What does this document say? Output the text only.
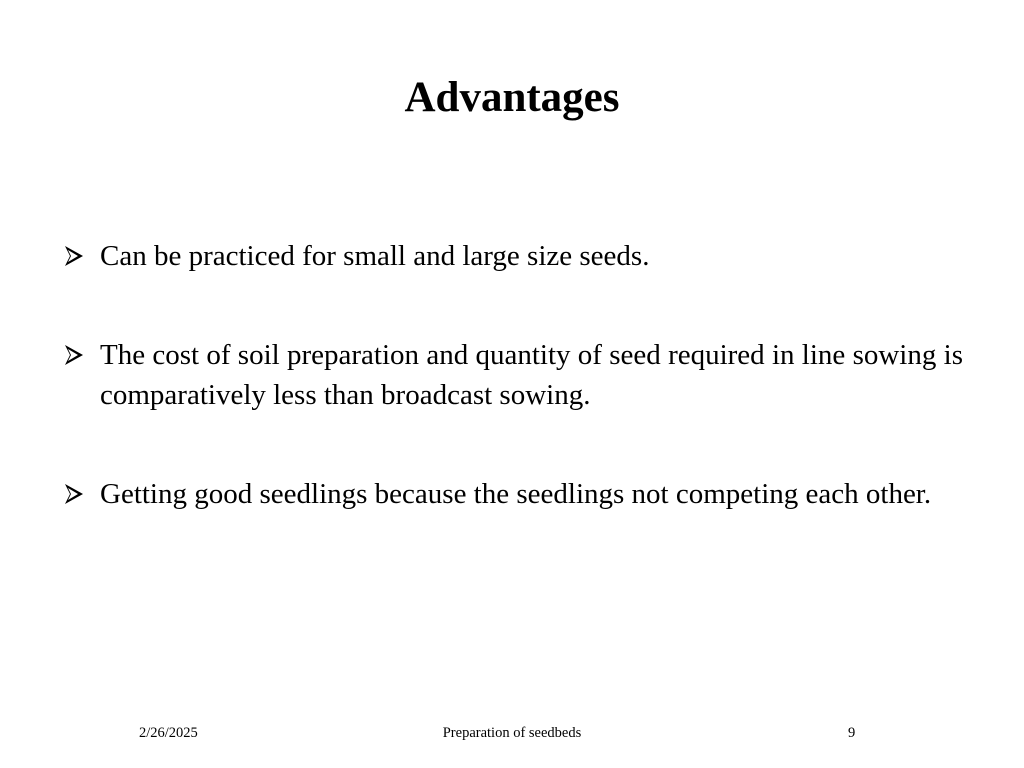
Advantages
Can be practiced for small and large size seeds.
The cost of soil preparation and quantity of seed required in line sowing is comparatively less than broadcast sowing.
Getting good seedlings because the seedlings not competing each other.
2/26/2025	Preparation of seedbeds	9
